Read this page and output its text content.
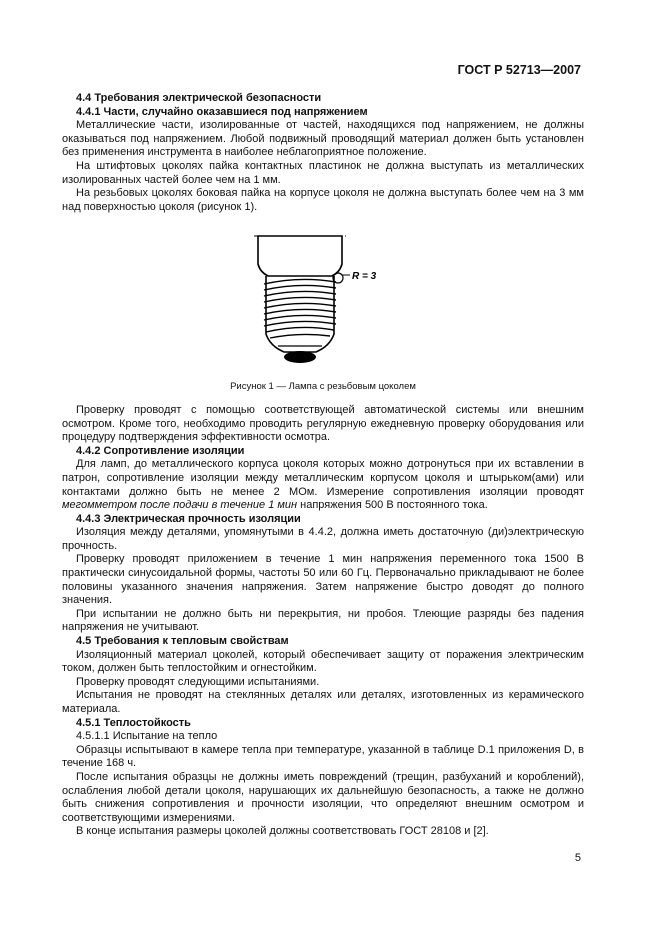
ГОСТ Р 52713—2007

4.4 Требования электрической безопасности

4.4.1 Части, случайно оказавшиеся под напряжением

Металлические части, изолированные от частей, находящихся под напряжением, не должны оказываться под напряжением. Любой подвижный проводящий материал должен быть установлен без применения инструмента в наиболее неблагоприятное положение.

На штифтовых цоколях пайка контактных пластинок не должна выступать из металлических изолированных частей более чем на 1 мм.

На резьбовых цоколях боковая пайка на корпусе цоколя не должна выступать более чем на 3 мм над поверхностью цоколя (рисунок 1).

R = 3
Рисунок 1 — Лампа с резьбовым цоколем

Проверку проводят с помощью соответствующей автоматической системы или внешним осмотром. Кроме того, необходимо проводить регулярную ежедневную проверку оборудования или процедуру подтверждения эффективности осмотра.

4.4.2 Сопротивление изоляции

Для ламп, до металлического корпуса цоколя которых можно дотронуться при их вставлении в патрон, сопротивление изоляции между металлическим корпусом цоколя и штырьком(ами) или контактами должно быть не менее 2 МОм. Измерение сопротивления изоляции проводят мегомметром после подачи в течение 1 мин напряжения 500 В постоянного тока.

4.4.3 Электрическая прочность изоляции

Изоляция между деталями, упомянутыми в 4.4.2, должна иметь достаточную (ди)электрическую прочность.

Проверку проводят приложением в течение 1 мин напряжения переменного тока 1500 В практически синусоидальной формы, частоты 50 или 60 Гц. Первоначально прикладывают не более половины указанного значения напряжения. Затем напряжение быстро доводят до полного значения.

При испытании не должно быть ни перекрытия, ни пробоя. Тлеющие разряды без падения напряжения не учитывают.

4.5 Требования к тепловым свойствам

Изоляционный материал цоколей, который обеспечивает защиту от поражения электрическим током, должен быть теплостойким и огнестойким.

Проверку проводят следующими испытаниями.

Испытания не проводят на стеклянных деталях или деталях, изготовленных из керамического материала.

4.5.1 Теплостойкость

4.5.1.1 Испытание на тепло

Образцы испытывают в камере тепла при температуре, указанной в таблице D.1 приложения D, в течение 168 ч.

После испытания образцы не должны иметь повреждений (трещин, разбуханий и короблений), ослабления любой детали цоколя, нарушающих их дальнейшую безопасность, а также не должно быть снижения сопротивления и прочности изоляции, что определяют внешним осмотром и соответствующими измерениями.

В конце испытания размеры цоколей должны соответствовать ГОСТ 28108 и [2].

5
